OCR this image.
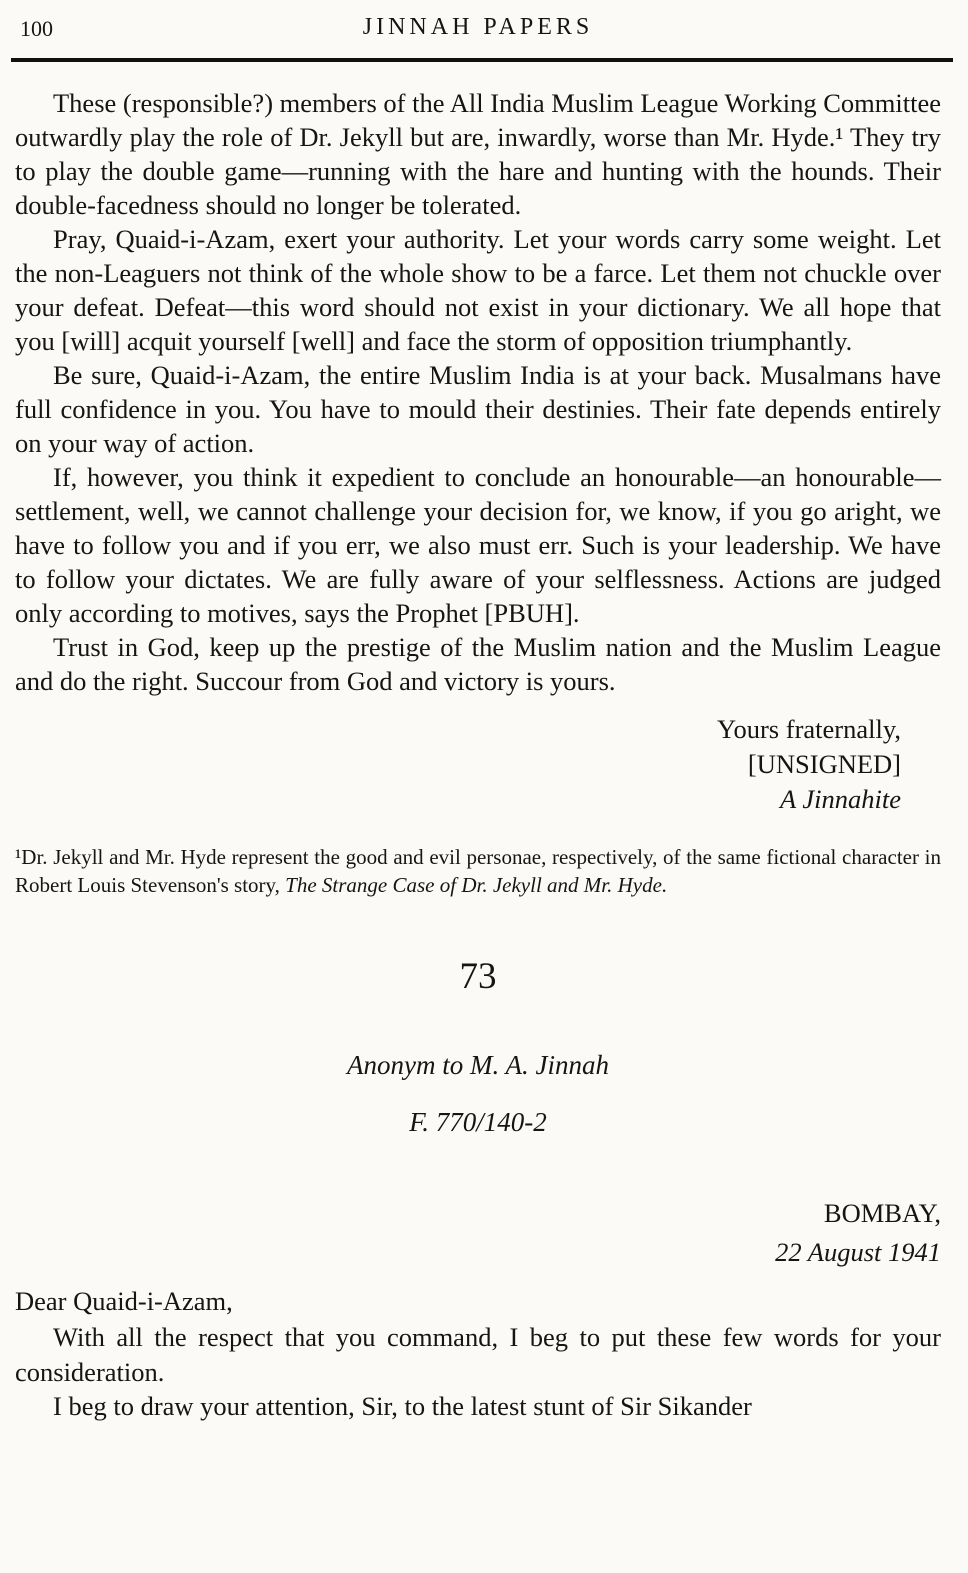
100	JINNAH PAPERS

These (responsible?) members of the All India Muslim League Working Committee outwardly play the role of Dr. Jekyll but are, inwardly, worse than Mr. Hyde.¹ They try to play the double game—running with the hare and hunting with the hounds. Their double-facedness should no longer be tolerated.

Pray, Quaid-i-Azam, exert your authority. Let your words carry some weight. Let the non-Leaguers not think of the whole show to be a farce. Let them not chuckle over your defeat. Defeat—this word should not exist in your dictionary. We all hope that you [will] acquit yourself [well] and face the storm of opposition triumphantly.

Be sure, Quaid-i-Azam, the entire Muslim India is at your back. Musalmans have full confidence in you. You have to mould their destinies. Their fate depends entirely on your way of action.

If, however, you think it expedient to conclude an honourable—an honourable—settlement, well, we cannot challenge your decision for, we know, if you go aright, we have to follow you and if you err, we also must err. Such is your leadership. We have to follow your dictates. We are fully aware of your selflessness. Actions are judged only according to motives, says the Prophet [PBUH].

Trust in God, keep up the prestige of the Muslim nation and the Muslim League and do the right. Succour from God and victory is yours.

Yours fraternally,
[UNSIGNED]
A Jinnahite

¹Dr. Jekyll and Mr. Hyde represent the good and evil personae, respectively, of the same fictional character in Robert Louis Stevenson's story, The Strange Case of Dr. Jekyll and Mr. Hyde.

73
Anonym to M. A. Jinnah
F. 770/140-2
BOMBAY,
22 August 1941
Dear Quaid-i-Azam,

With all the respect that you command, I beg to put these few words for your consideration.

I beg to draw your attention, Sir, to the latest stunt of Sir Sikander
